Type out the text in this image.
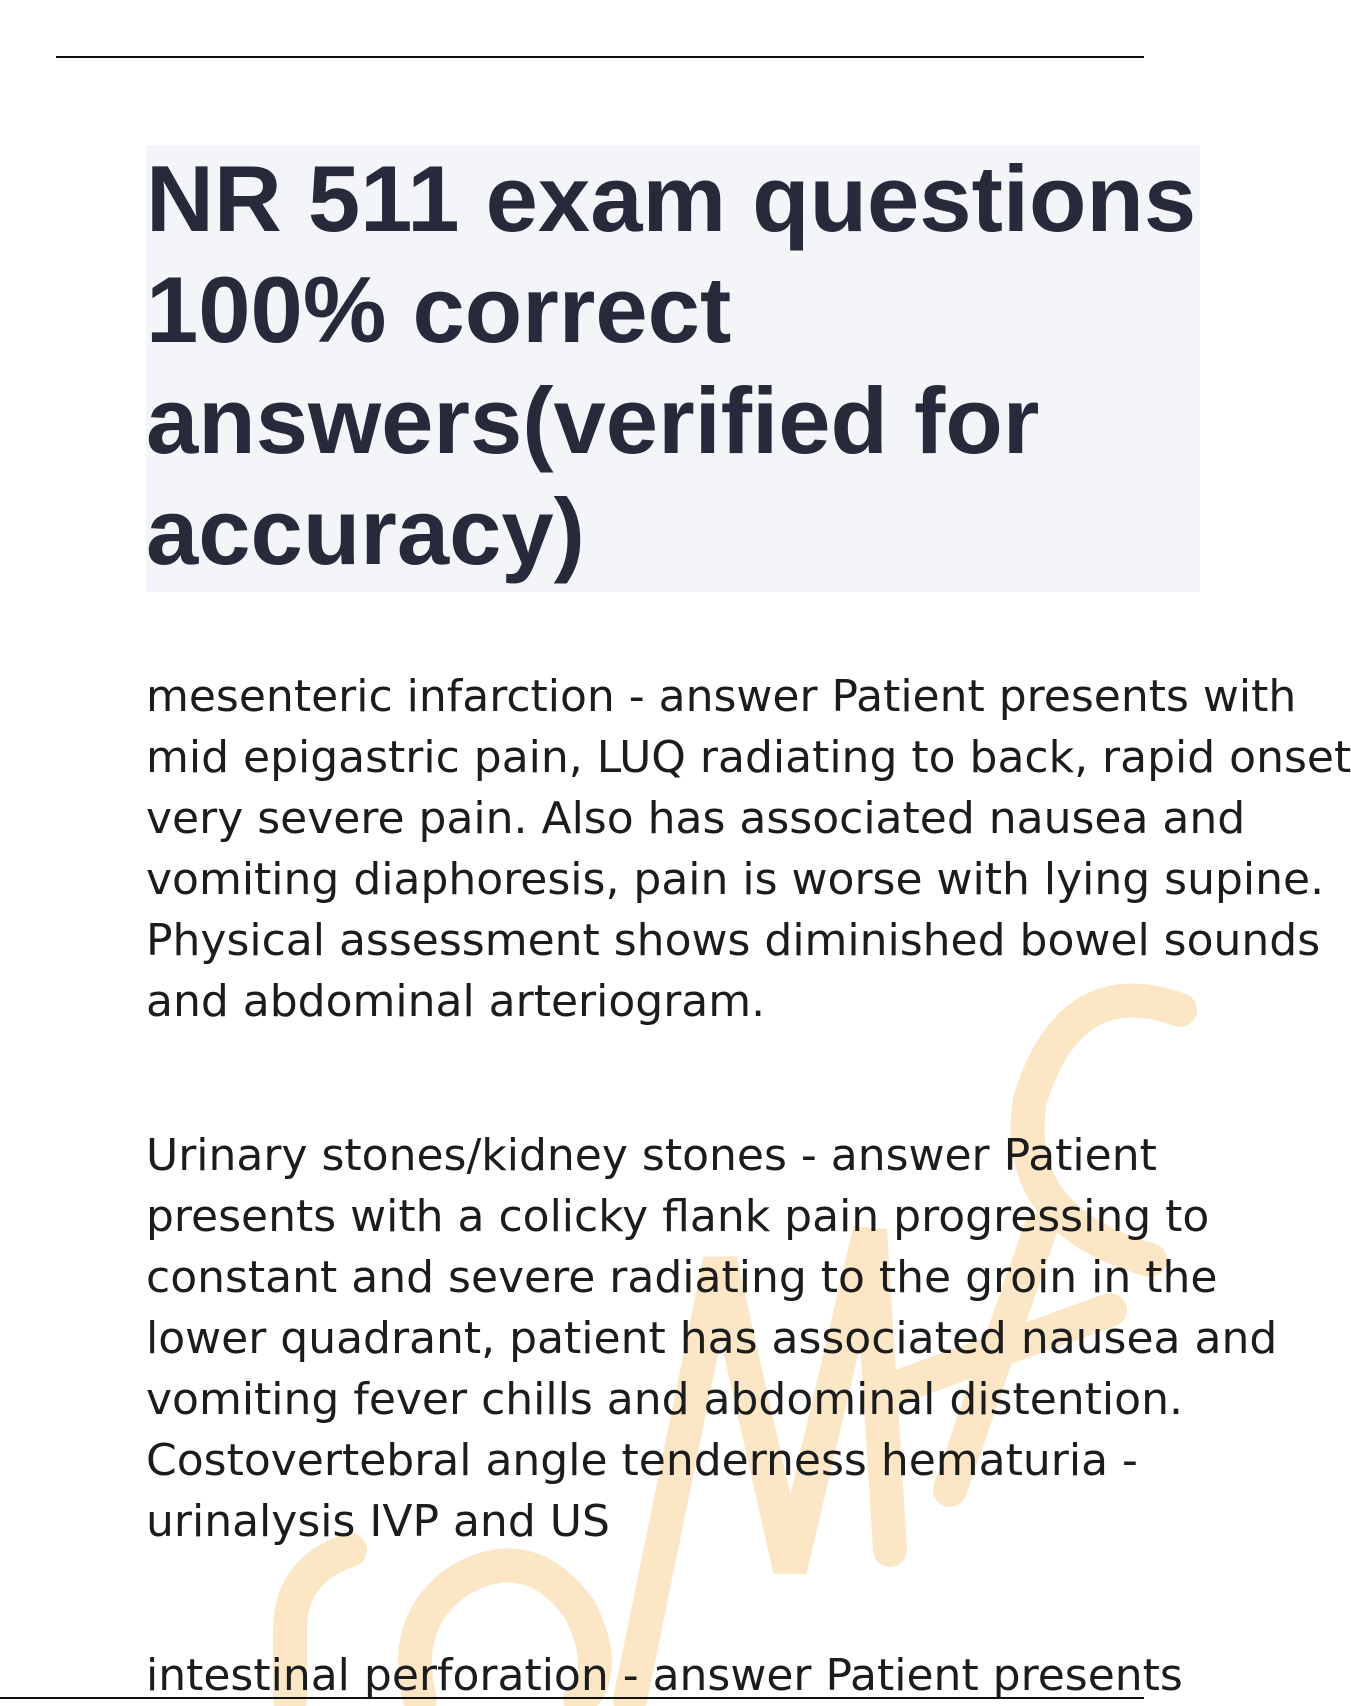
NR 511 exam questions
100% correct
answers(verified for
accuracy)

mesenteric infarction - answer Patient presents with
mid epigastric pain, LUQ radiating to back, rapid onset
very severe pain. Also has associated nausea and
vomiting diaphoresis, pain is worse with lying supine.
Physical assessment shows diminished bowel sounds
and abdominal arteriogram.

Urinary stones/kidney stones - answer Patient
presents with a colicky flank pain progressing to
constant and severe radiating to the groin in the
lower quadrant, patient has associated nausea and
vomiting fever chills and abdominal distention.
Costovertebral angle tenderness hematuria -
urinalysis IVP and US

intestinal perforation - answer Patient presents
